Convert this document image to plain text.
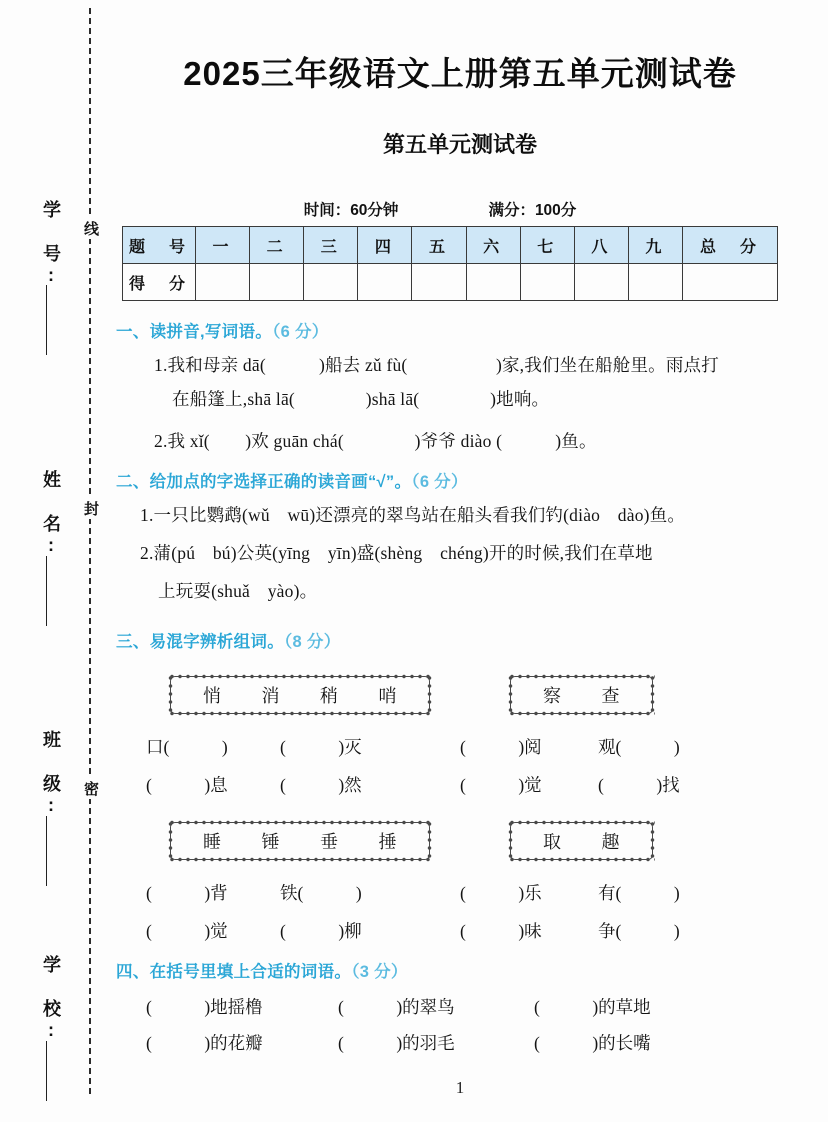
学 号:
姓 名:
班 级:
学 校:
线
封
密
2025三年级语文上册第五单元测试卷
第五单元测试卷
时间：60分钟	满分：100分
题　号	一	二	三	四	五	六	七	八	九	总　分
得　分										
一、读拼音,写词语。（6 分）
1.我和母亲 dā(　　　)船去 zǔ fù(　　　　　)家,我们坐在船舱里。雨点打
在船篷上,shā lā(　　　　)shā lā(　　　　)地响。
2.我 xǐ(　　)欢 guān chá(　　　　)爷爷 diào (　　　)鱼。
二、给加点的字选择正确的读音画“√”。（6 分）
1.一只比鹦鹉(wǔ　wū)还漂亮的翠鸟站在船头看我们钓(diào　dào)鱼。
2.蒲(pú　bú)公英(yīng　yīn)盛(shèng　chéng)开的时候,我们在草地
上玩耍(shuǎ　yào)。
三、易混字辨析组词。（8 分）
悄 消 稍 哨	察 查
口(　　　)	(　　　)灭
(　　　)息	(　　　)然
(　　　)阅	观(　　　)
(　　　)觉	(　　　)找
睡 锤 垂 捶	取 趣
(　　　)背	铁(　　　)
(　　　)觉	(　　　)柳
(　　　)乐	有(　　　)
(　　　)味	争(　　　)
四、在括号里填上合适的词语。（3 分）
(　　　)地摇橹	(　　　)的翠鸟	(　　　)的草地
(　　　)的花瓣	(　　　)的羽毛	(　　　)的长嘴
1
